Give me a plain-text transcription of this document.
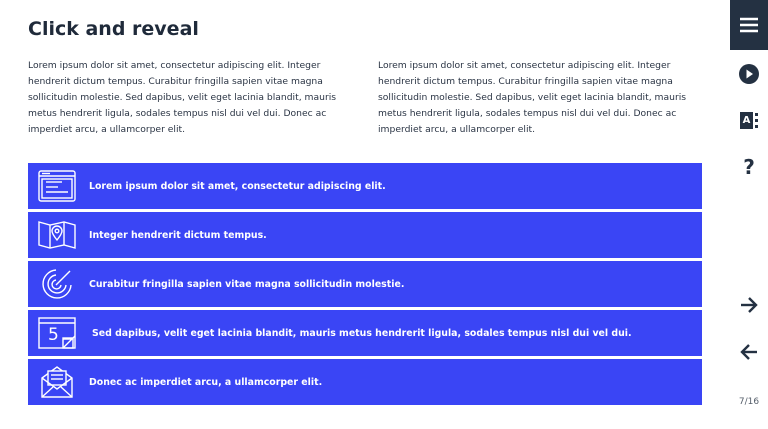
Click and reveal

Lorem ipsum dolor sit amet, consectetur adipiscing elit. Integer hendrerit dictum tempus. Curabitur fringilla sapien vitae magna sollicitudin molestie. Sed dapibus, velit eget lacinia blandit, mauris metus hendrerit ligula, sodales tempus nisl dui vel dui. Donec ac imperdiet arcu, a ullamcorper elit.

Lorem ipsum dolor sit amet, consectetur adipiscing elit. Integer hendrerit dictum tempus. Curabitur fringilla sapien vitae magna sollicitudin molestie. Sed dapibus, velit eget lacinia blandit, mauris metus hendrerit ligula, sodales tempus nisl dui vel dui. Donec ac imperdiet arcu, a ullamcorper elit.

Lorem ipsum dolor sit amet, consectetur adipiscing elit.
Integer hendrerit dictum tempus.
Curabitur fringilla sapien vitae magna sollicitudin molestie.
5	Sed dapibus, velit eget lacinia blandit, mauris metus hendrerit ligula, sodales tempus nisl dui vel dui.
Donec ac imperdiet arcu, a ullamcorper elit.
A
?
7/16
